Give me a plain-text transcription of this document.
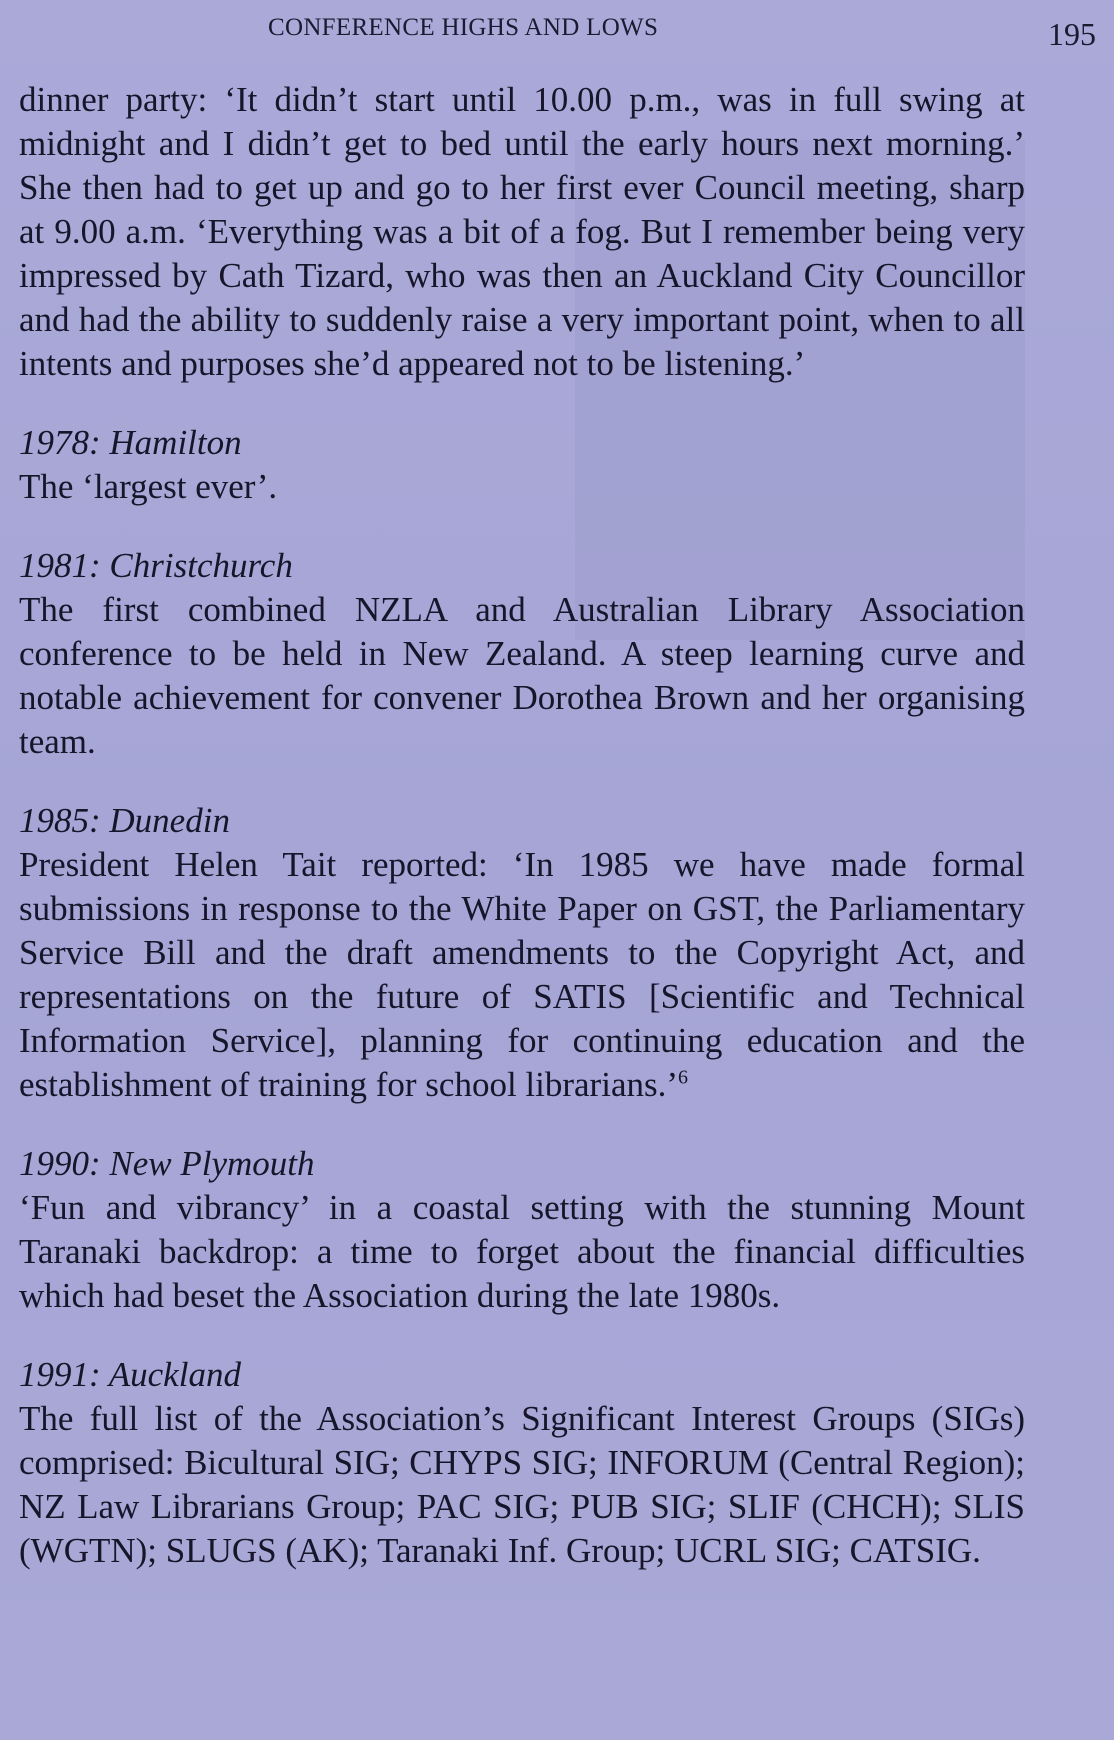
CONFERENCE HIGHS AND LOWS	195

dinner party: ‘It didn’t start until 10.00 p.m., was in full swing at midnight and I didn’t get to bed until the early hours next morning.’ She then had to get up and go to her first ever Council meeting, sharp at 9.00 a.m. ‘Everything was a bit of a fog. But I remember being very impressed by Cath Tizard, who was then an Auckland City Councillor and had the ability to suddenly raise a very important point, when to all intents and purposes she’d appeared not to be listening.’

1978: Hamilton

The ‘largest ever’.

1981: Christchurch

The first combined NZLA and Australian Library Association conference to be held in New Zealand. A steep learning curve and notable achievement for convener Dorothea Brown and her organising team.

1985: Dunedin

President Helen Tait reported: ‘In 1985 we have made formal submissions in response to the White Paper on GST, the Parliamentary Service Bill and the draft amendments to the Copyright Act, and representations on the future of SATIS [Scientific and Technical Information Service], planning for continuing education and the establishment of training for school librarians.’$^6$

1990: New Plymouth

‘Fun and vibrancy’ in a coastal setting with the stunning Mount Taranaki backdrop: a time to forget about the financial difficulties which had beset the Association during the late 1980s.

1991: Auckland

The full list of the Association’s Significant Interest Groups (SIGs) comprised: Bicultural SIG; CHYPS SIG; INFORUM (Central Region); NZ Law Librarians Group; PAC SIG; PUB SIG; SLIF (CHCH); SLIS (WGTN); SLUGS (AK); Taranaki Inf. Group; UCRL SIG; CATSIG.
